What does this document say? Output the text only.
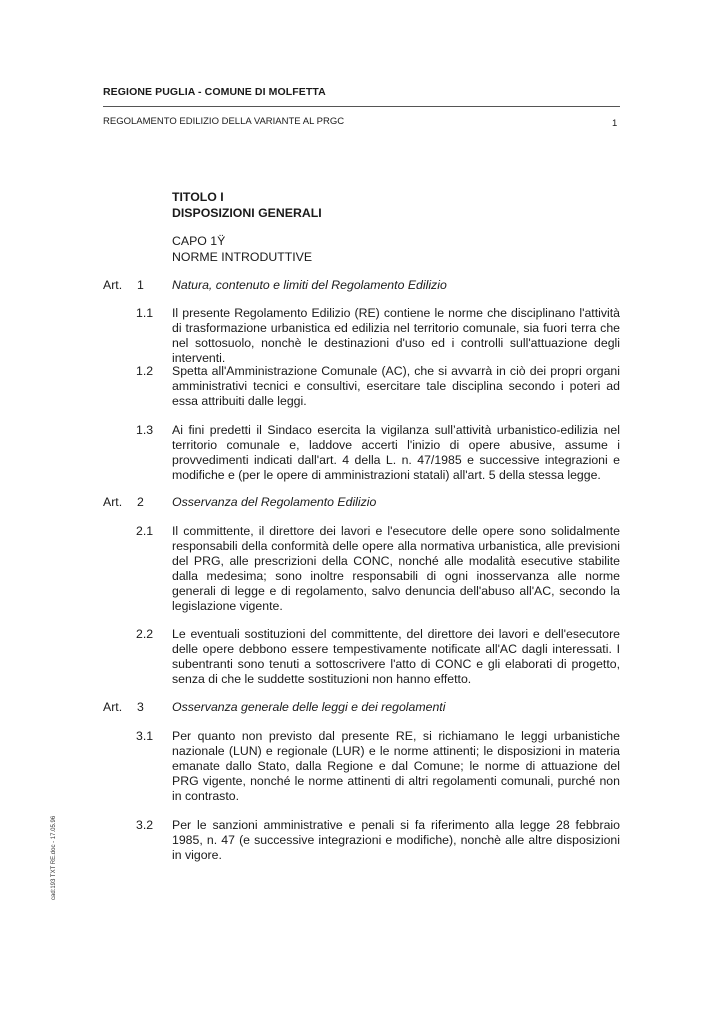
REGIONE PUGLIA - COMUNE DI MOLFETTA
REGOLAMENTO EDILIZIO DELLA VARIANTE AL PRGC	1
TITOLO I
DISPOSIZIONI GENERALI
CAPO 1Ÿ
NORME INTRODUTTIVE
Art. 1 Natura, contenuto e limiti del Regolamento Edilizio
1.1 Il presente Regolamento Edilizio (RE) contiene le norme che disciplinano l'attività di trasformazione urbanistica ed edilizia nel territorio comunale, sia fuori terra che nel sottosuolo, nonchè le destinazioni d'uso ed i controlli sull'attuazione degli interventi.
1.2 Spetta all'Amministrazione Comunale (AC), che si avvarrà in ciò dei propri organi amministrativi tecnici e consultivi, esercitare tale disciplina secondo i poteri ad essa attribuiti dalle leggi.
1.3 Ai fini predetti il Sindaco esercita la vigilanza sull’attività urbanistico-edilizia nel territorio comunale e, laddove accerti l'inizio di opere abusive, assume i provvedimenti indicati dall'art. 4 della L. n. 47/1985 e successive integrazioni e modifiche e (per le opere di amministrazioni statali) all'art. 5 della stessa legge.
Art. 2 Osservanza del Regolamento Edilizio
2.1 Il committente, il direttore dei lavori e l'esecutore delle opere sono solidalmente responsabili della conformità delle opere alla normativa urbanistica, alle previsioni del PRG, alle prescrizioni della CONC, nonché alle modalità esecutive stabilite dalla medesima; sono inoltre responsabili di ogni inosservanza alle norme generali di legge e di regolamento, salvo denuncia dell'abuso all'AC, secondo la legislazione vigente.
2.2 Le eventuali sostituzioni del committente, del direttore dei lavori e dell'esecutore delle opere debbono essere tempestivamente notificate all'AC dagli interessati. I subentranti sono tenuti a sottoscrivere l'atto di CONC e gli elaborati di progetto, senza di che le suddette sostituzioni non hanno effetto.
Art. 3 Osservanza generale delle leggi e dei regolamenti
3.1 Per quanto non previsto dal presente RE, si richiamano le leggi urbanistiche nazionale (LUN) e regionale (LUR) e le norme attinenti; le disposizioni in materia emanate dallo Stato, dalla Regione e dal Comune; le norme di attuazione del PRG vigente, nonché le norme attinenti di altri regolamenti comunali, purché non in contrasto.
3.2 Per le sanzioni amministrative e penali si fa riferimento alla legge 28 febbraio 1985, n. 47 (e successive integrazioni e modifiche), nonchè alle altre disposizioni in vigore.
cad:193 TXT RE.doc - 17.05.96
